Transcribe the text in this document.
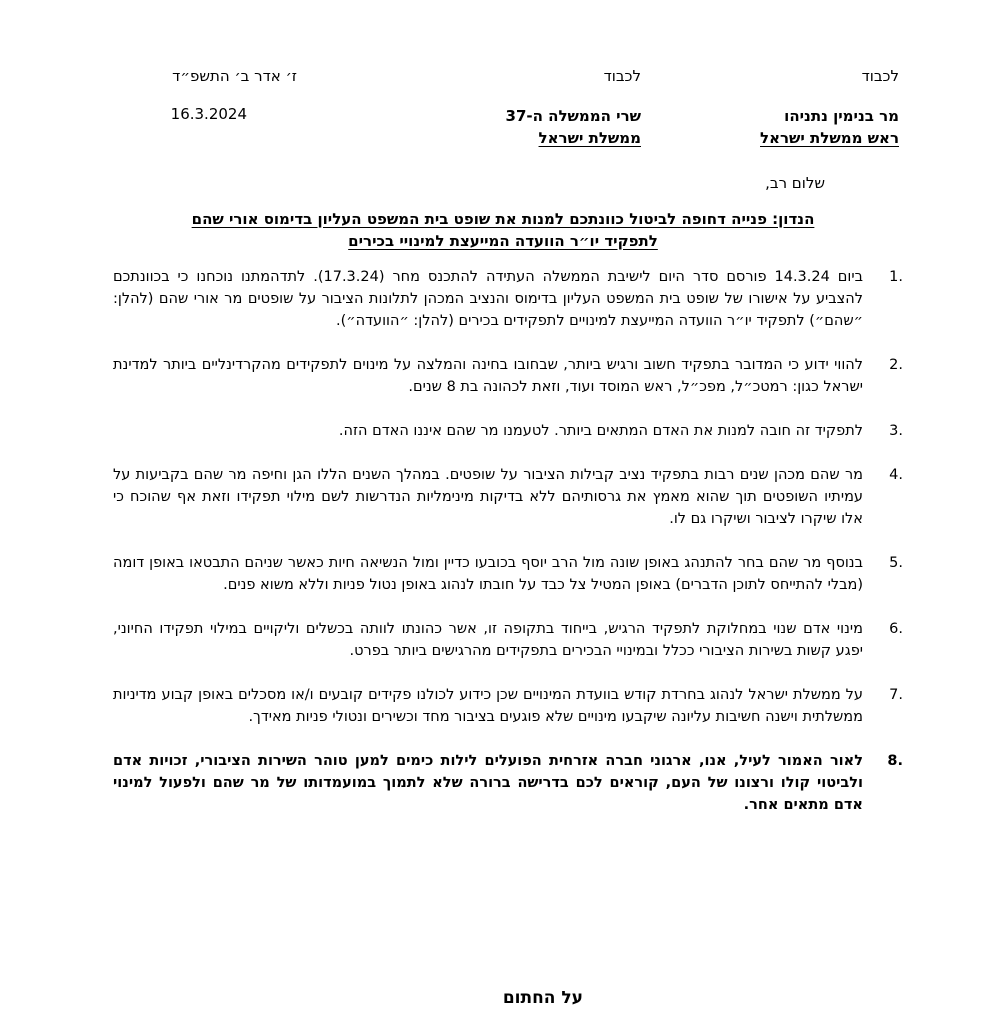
לכבוד
לכבוד
ז׳ אדר ב׳ התשפ״ד
מר בנימין נתניהו
שרי הממשלה ה-37
16.3.2024
ראש ממשלת ישראל
ממשלת ישראל
שלום רב,
הנדון: פנייה דחופה לביטול כוונתכם למנות את שופט בית המשפט העליון בדימוס אורי שהם
לתפקיד יו״ר הוועדה המייעצת למינויי בכירים
.1
ביום 14.3.24 פורסם סדר היום לישיבת הממשלה העתידה להתכנס מחר (17.3.24). לתדהמתנו נוכחנו כי בכוונתכם להצביע על אישורו של שופט בית המשפט העליון בדימוס והנציב המכהן לתלונות הציבור על שופטים מר אורי שהם (להלן: ״שהם״) לתפקיד יו״ר הוועדה המייעצת למינויים לתפקידים בכירים (להלן: ״הוועדה״).
.2
להווי ידוע כי המדובר בתפקיד חשוב ורגיש ביותר, שבחובו בחינה והמלצה על מינוים לתפקידים מהקרדינליים ביותר למדינת ישראל כגון: רמטכ״ל, מפכ״ל, ראש המוסד ועוד, וזאת לכהונה בת 8 שנים.
.3
לתפקיד זה חובה למנות את האדם המתאים ביותר. לטעמנו מר שהם איננו האדם הזה.
.4
מר שהם מכהן שנים רבות בתפקיד נציב קבילות הציבור על שופטים. במהלך השנים הללו הגן וחיפה מר שהם בקביעות על עמיתיו השופטים תוך שהוא מאמץ את גרסותיהם ללא בדיקות מינימליות הנדרשות לשם מילוי תפקידו וזאת אף שהוכח כי אלו שיקרו לציבור ושיקרו גם לו.
.5
בנוסף מר שהם בחר להתנהג באופן שונה מול הרב יוסף בכובעו כדיין ומול הנשיאה חיות כאשר שניהם התבטאו באופן דומה (מבלי להתייחס לתוכן הדברים) באופן המטיל צל כבד על חובתו לנהוג באופן נטול פניות וללא משוא פנים.
.6
מינוי אדם שנוי במחלוקת לתפקיד הרגיש, בייחוד בתקופה זו, אשר כהונתו לוותה בכשלים וליקויים במילוי תפקידו החיוני, יפגע קשות בשירות הציבורי ככלל ובמינויי הבכירים בתפקידים מהרגישים ביותר בפרט.
.7
על ממשלת ישראל לנהוג בחרדת קודש בוועדת המינויים שכן כידוע לכולנו פקידים קובעים ו/או מסכלים באופן קבוע מדיניות ממשלתית וישנה חשיבות עליונה שיקבעו מינויים שלא פוגעים בציבור מחד וכשירים ונטולי פניות מאידך.
.8
לאור האמור לעיל, אנו, ארגוני חברה אזרחית הפועלים לילות כימים למען טוהר השירות הציבורי, זכויות אדם ולביטוי קולו ורצונו של העם, קוראים לכם בדרישה ברורה שלא לתמוך במועמדותו של מר שהם ולפעול למינוי אדם מתאים אחר.
על החתום
